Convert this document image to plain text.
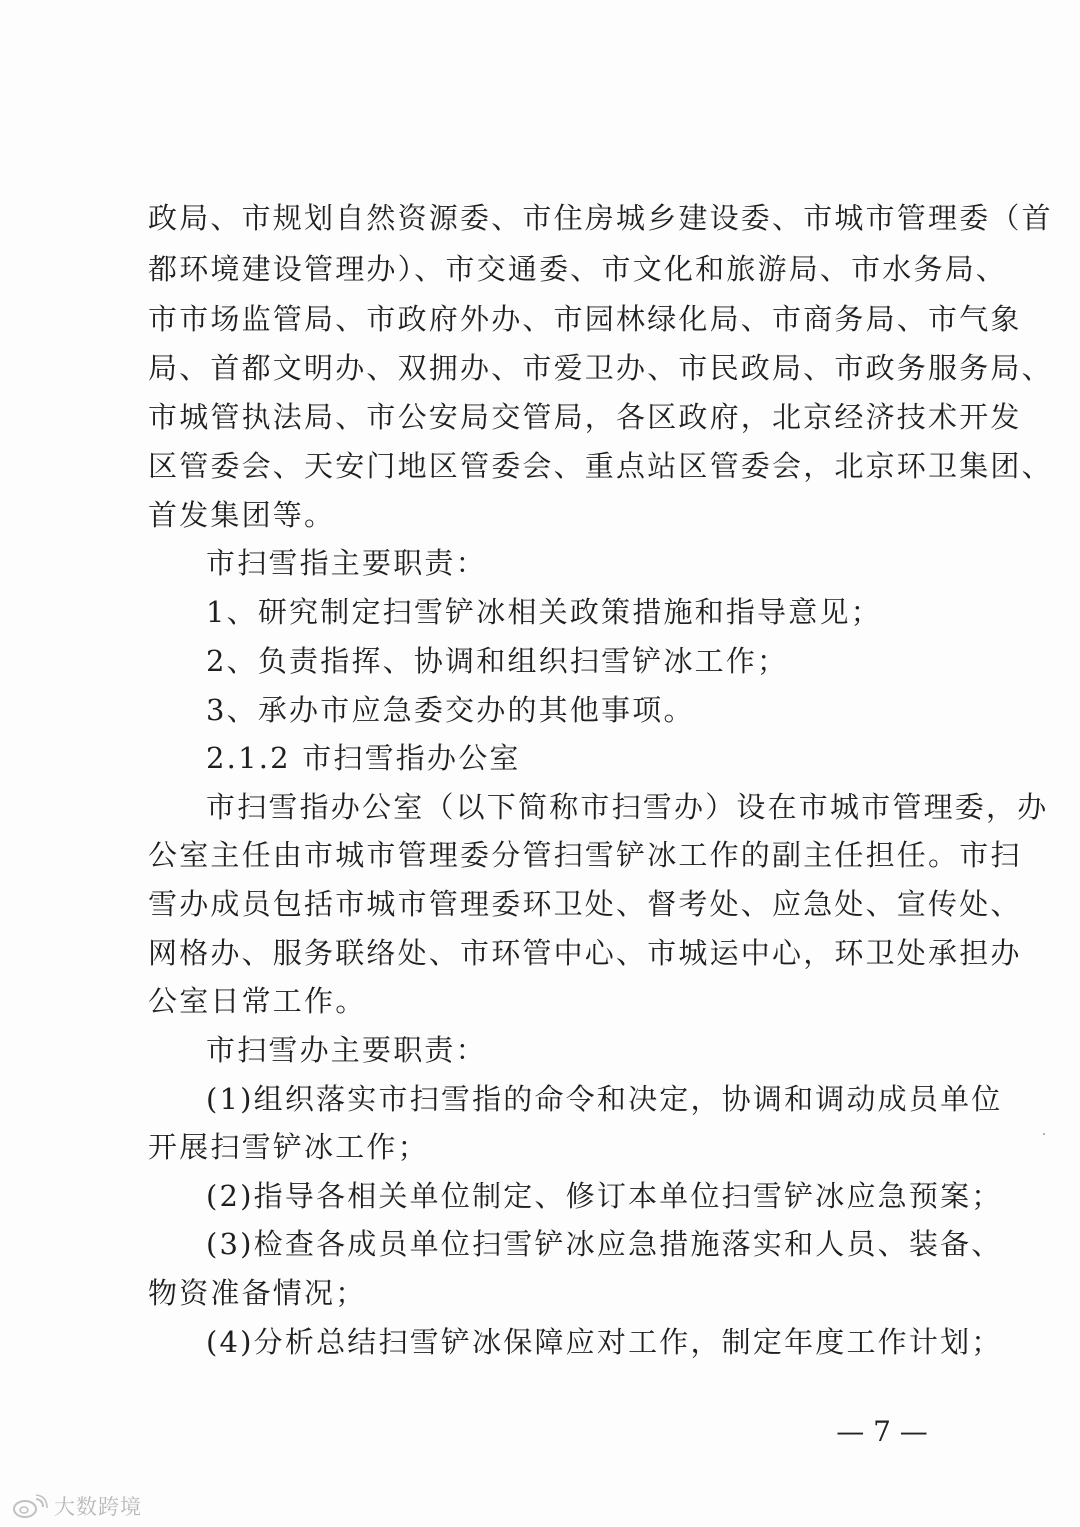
政局、市规划自然资源委、市住房城乡建设委、市城市管理委（首
都环境建设管理办）、市交通委、市文化和旅游局、市水务局、
市市场监管局、市政府外办、市园林绿化局、市商务局、市气象
局、首都文明办、双拥办、市爱卫办、市民政局、市政务服务局、
市城管执法局、市公安局交管局，各区政府，北京经济技术开发
区管委会、天安门地区管委会、重点站区管委会，北京环卫集团、
首发集团等。
市扫雪指主要职责：
1、研究制定扫雪铲冰相关政策措施和指导意见；
2、负责指挥、协调和组织扫雪铲冰工作；
3、承办市应急委交办的其他事项。
2.1.2 市扫雪指办公室
市扫雪指办公室（以下简称市扫雪办）设在市城市管理委，办
公室主任由市城市管理委分管扫雪铲冰工作的副主任担任。市扫
雪办成员包括市城市管理委环卫处、督考处、应急处、宣传处、
网格办、服务联络处、市环管中心、市城运中心，环卫处承担办
公室日常工作。
市扫雪办主要职责：
(1)组织落实市扫雪指的命令和决定，协调和调动成员单位
开展扫雪铲冰工作；
(2)指导各相关单位制定、修订本单位扫雪铲冰应急预案；
(3)检查各成员单位扫雪铲冰应急措施落实和人员、装备、
物资准备情况；
(4)分析总结扫雪铲冰保障应对工作，制定年度工作计划；
— 7 —
大数跨境
